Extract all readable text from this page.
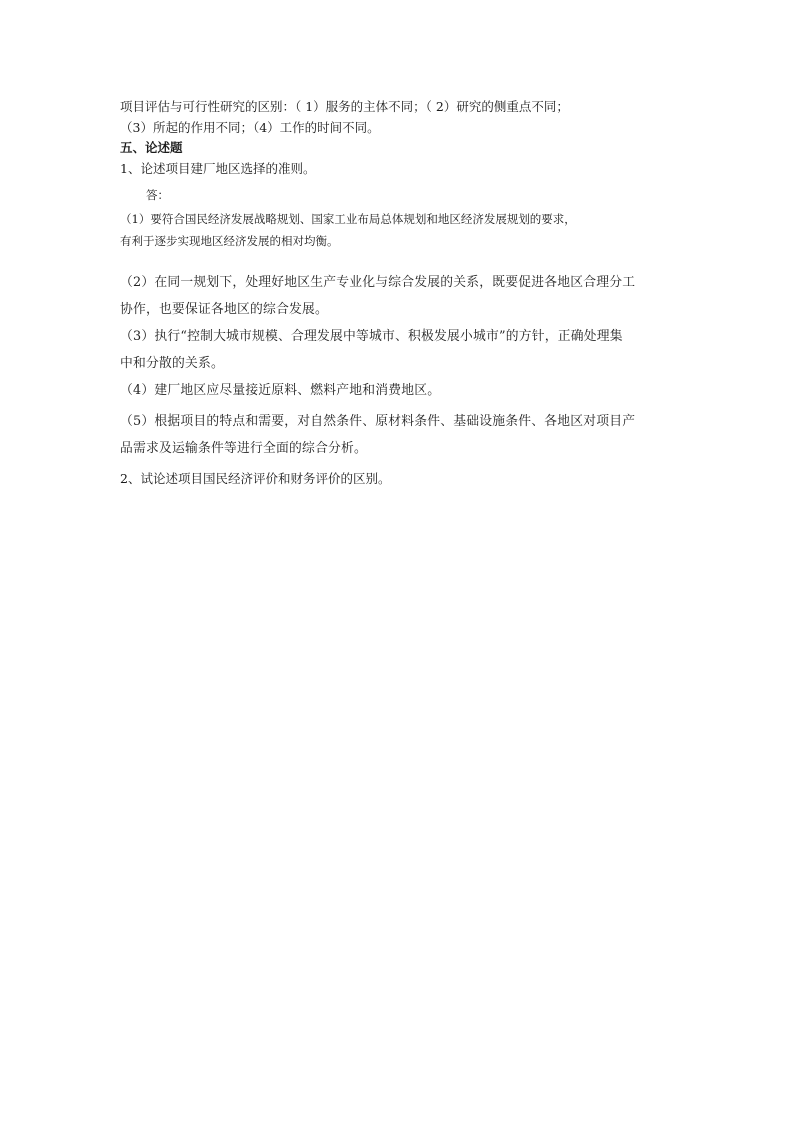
项目评估与可行性研究的区别：（ 1）服务的主体不同；（ 2）研究的侧重点不同；
（3）所起的作用不同；（4）工作的时间不同。
五、论述题
1、论述项目建厂地区选择的准则。
答：
（1）要符合国民经济发展战略规划、国家工业布局总体规划和地区经济发展规划的要求，
有利于逐步实现地区经济发展的相对均衡。
（2）在同一规划下，处理好地区生产专业化与综合发展的关系，既要促进各地区合理分工
协作，也要保证各地区的综合发展。
（3）执行“控制大城市规模、合理发展中等城市、积极发展小城市”的方针，正确处理集
中和分散的关系。
（4）建厂地区应尽量接近原料、燃料产地和消费地区。
（5）根据项目的特点和需要，对自然条件、原材料条件、基础设施条件、各地区对项目产
品需求及运输条件等进行全面的综合分析。
2、试论述项目国民经济评价和财务评价的区别。
